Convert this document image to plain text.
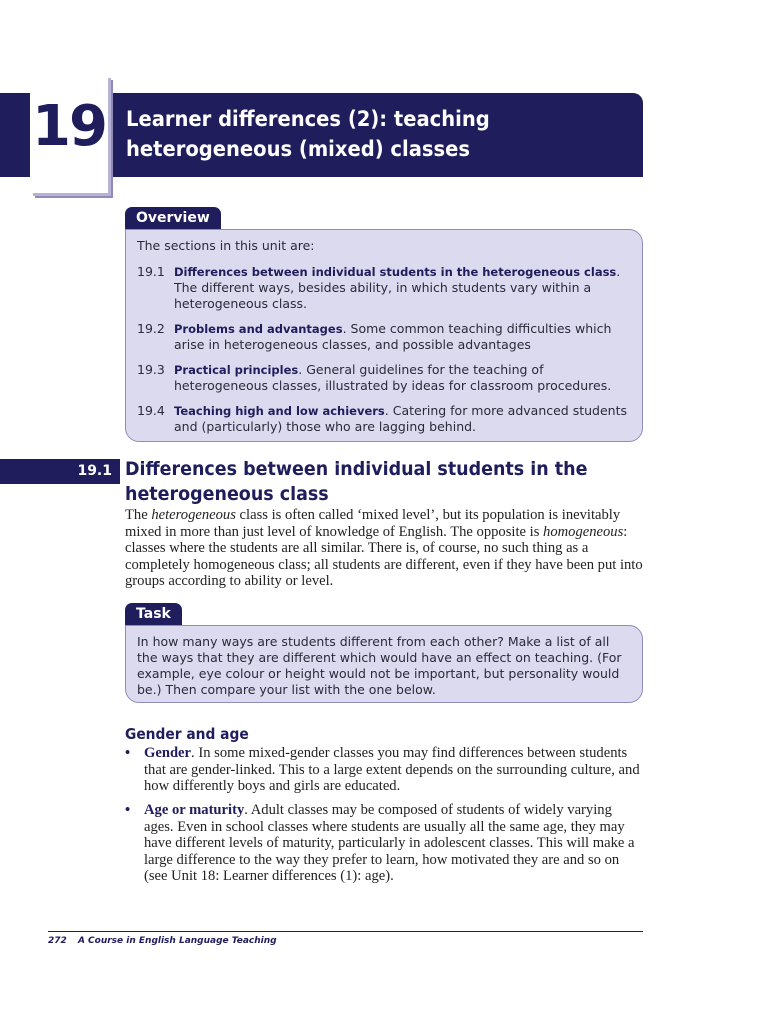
19 Learner differences (2): teaching heterogeneous (mixed) classes
Overview

The sections in this unit are:

19.1 Differences between individual students in the heterogeneous class. The different ways, besides ability, in which students vary within a heterogeneous class.
19.2 Problems and advantages. Some common teaching difficulties which arise in heterogeneous classes, and possible advantages
19.3 Practical principles. General guidelines for the teaching of heterogeneous classes, illustrated by ideas for classroom procedures.
19.4 Teaching high and low achievers. Catering for more advanced students and (particularly) those who are lagging behind.
19.1 Differences between individual students in the heterogeneous class
The heterogeneous class is often called ‘mixed level’, but its population is inevitably mixed in more than just level of knowledge of English. The opposite is homogeneous: classes where the students are all similar. There is, of course, no such thing as a completely homogeneous class; all students are different, even if they have been put into groups according to ability or level.
Task
In how many ways are students different from each other? Make a list of all the ways that they are different which would have an effect on teaching. (For example, eye colour or height would not be important, but personality would be.) Then compare your list with the one below.
Gender and age
• Gender. In some mixed-gender classes you may find differences between students that are gender-linked. This to a large extent depends on the surrounding culture, and how differently boys and girls are educated.
• Age or maturity. Adult classes may be composed of students of widely varying ages. Even in school classes where students are usually all the same age, they may have different levels of maturity, particularly in adolescent classes. This will make a large difference to the way they prefer to learn, how motivated they are and so on (see Unit 18: Learner differences (1): age).
272 A Course in English Language Teaching
